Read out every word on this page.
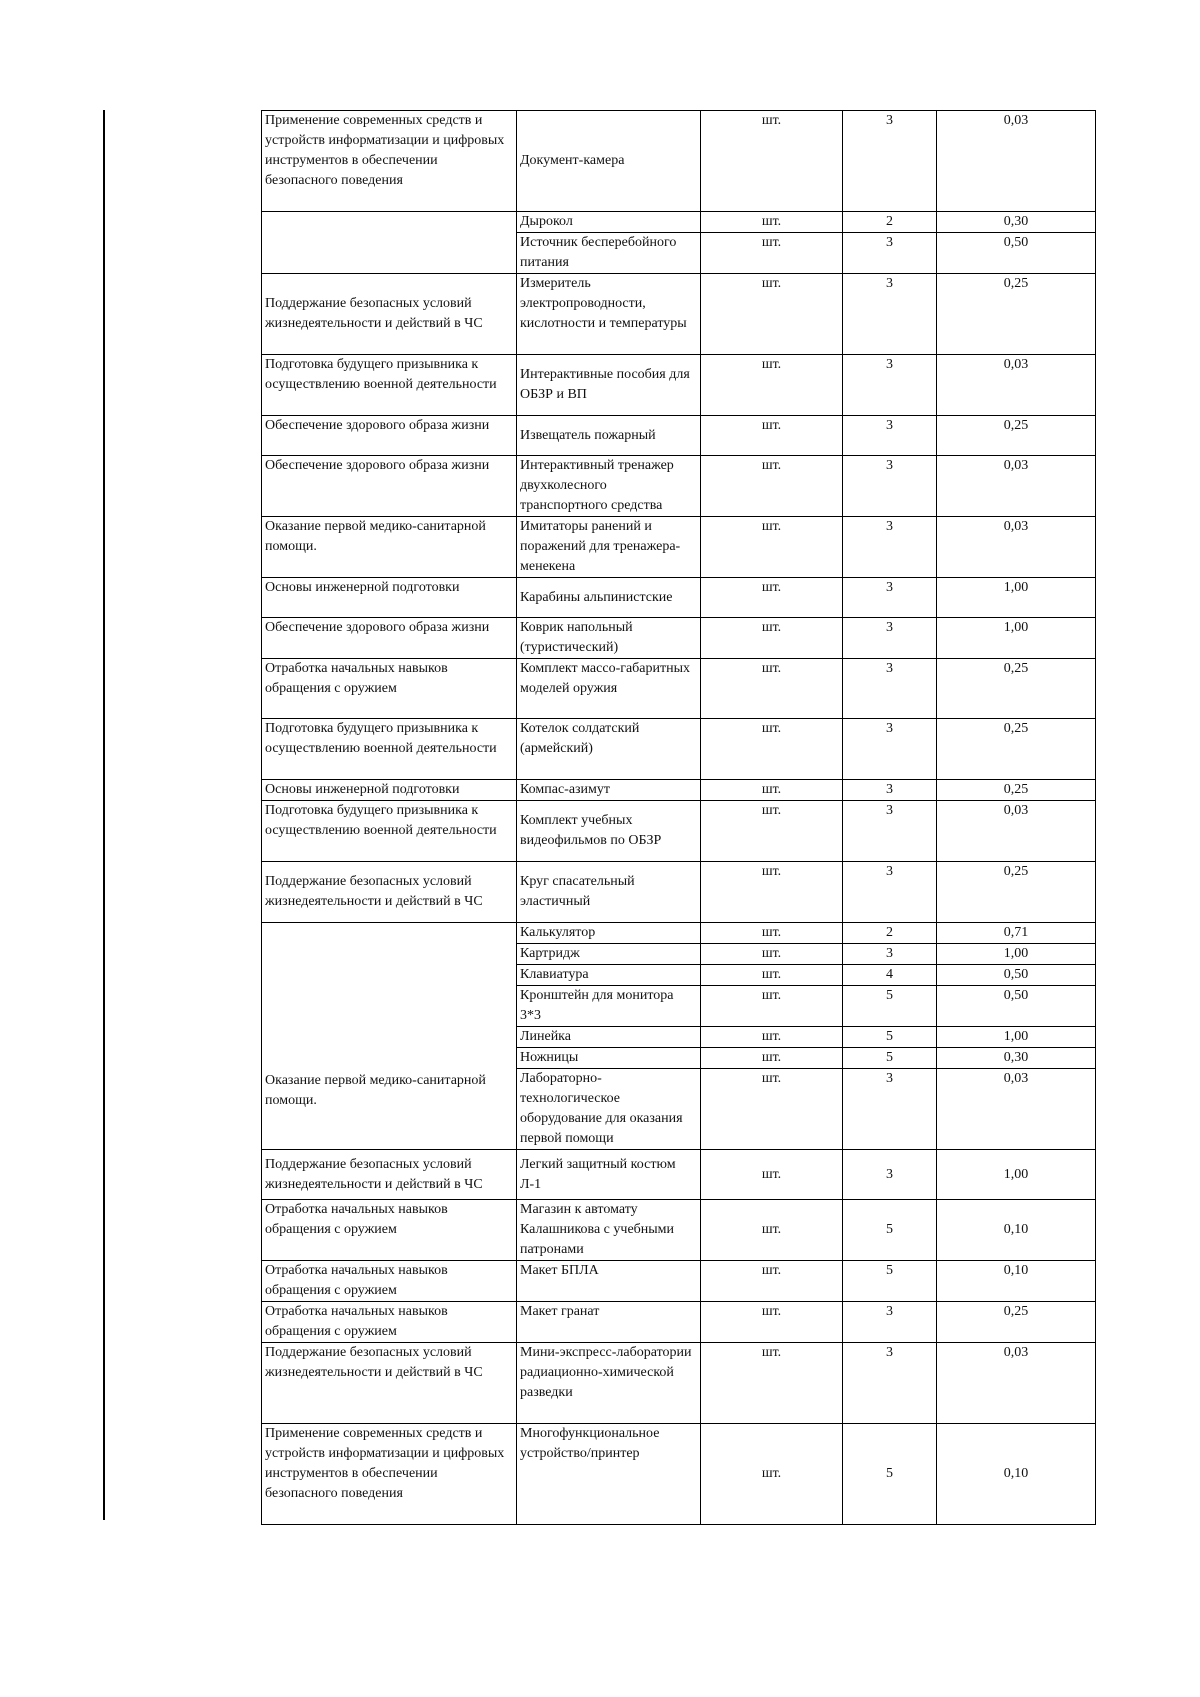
Применение современных средств и устройств информатизации и цифровых инструментов в обеспечении безопасного поведения	Документ-камера	шт.	3	0,03
	Дырокол	шт.	2	0,30
	Источник бесперебойного питания	шт.	3	0,50
Поддержание безопасных условий жизнедеятельности и действий в ЧС	Измеритель электропроводности, кислотности и температуры	шт.	3	0,25
Подготовка будущего призывника к осуществлению военной деятельности	Интерактивные пособия для ОБЗР и ВП	шт.	3	0,03
Обеспечение здорового образа жизни	Извещатель пожарный	шт.	3	0,25
Обеспечение здорового образа жизни	Интерактивный тренажер двухколесного транспортного средства	шт.	3	0,03
Оказание первой медико-санитарной помощи.	Имитаторы ранений и поражений для тренажера-менекена	шт.	3	0,03
Основы инженерной подготовки	Карабины альпинистские	шт.	3	1,00
Обеспечение здорового образа жизни	Коврик напольный (туристический)	шт.	3	1,00
Отработка начальных навыков обращения с оружием	Комплект массо-габаритных моделей оружия	шт.	3	0,25
Подготовка будущего призывника к осуществлению военной деятельности	Котелок солдатский (армейский)	шт.	3	0,25
Основы инженерной подготовки	Компас-азимут	шт.	3	0,25
Подготовка будущего призывника к осуществлению военной деятельности	Комплект учебных видеофильмов по ОБЗР	шт.	3	0,03
Поддержание безопасных условий жизнедеятельности и действий в ЧС	Круг спасательный эластичный	шт.	3	0,25
Оказание первой медико-санитарной помощи.	Калькулятор	шт.	2	0,71
	Картридж	шт.	3	1,00
	Клавиатура	шт.	4	0,50
	Кронштейн для монитора 3*3	шт.	5	0,50
	Линейка	шт.	5	1,00
	Ножницы	шт.	5	0,30
	Лабораторно-технологическое оборудование для оказания первой помощи	шт.	3	0,03
Поддержание безопасных условий жизнедеятельности и действий в ЧС	Легкий защитный костюм Л-1	шт.	3	1,00
Отработка начальных навыков обращения с оружием	Магазин к автомату Калашникова с учебными патронами	шт.	5	0,10
Отработка начальных навыков обращения с оружием	Макет БПЛА	шт.	5	0,10
Отработка начальных навыков обращения с оружием	Макет гранат	шт.	3	0,25
Поддержание безопасных условий жизнедеятельности и действий в ЧС	Мини-экспресс-лаборатории радиационно-химической разведки	шт.	3	0,03
Применение современных средств и устройств информатизации и цифровых инструментов в обеспечении безопасного поведения	Многофункциональное устройство/принтер	шт.	5	0,10
